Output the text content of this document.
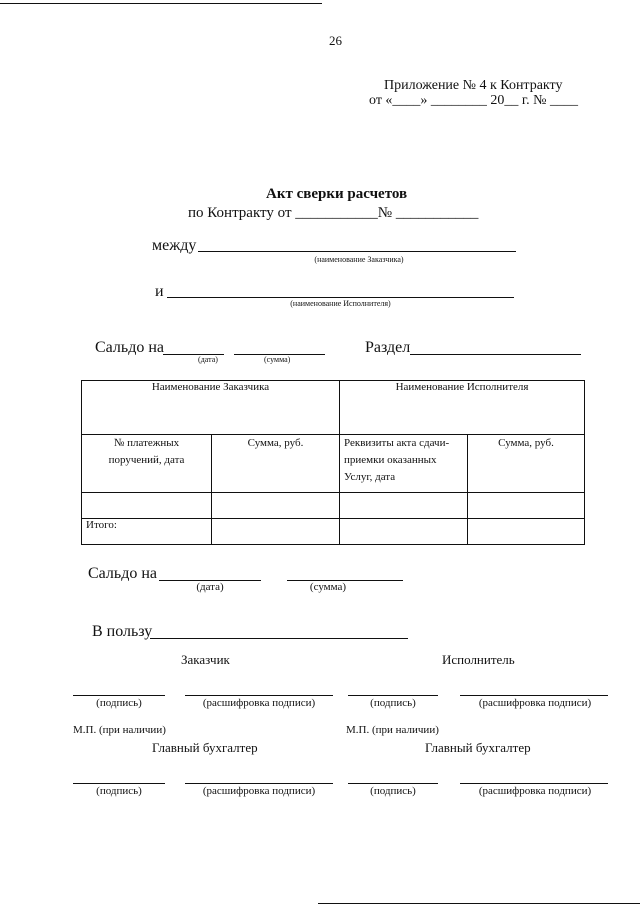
26
Приложение № 4 к Контракту
от «____» ________ 20__ г. № ____
Акт сверки расчетов
по Контракту от ___________№ ___________
между
(наименование Заказчика)
и
(наименование Исполнителя)
Сальдо на
(дата)	(сумма)
Раздел
Наименование Заказчика		Наименование Исполнителя	
№ платежных поручений, дата	Сумма, руб.	Реквизиты акта сдачи-приемки оказанных Услуг, дата	Сумма, руб.

Итого:			
Сальдо на
(дата)	(сумма)
В пользу
Заказчик	Исполнитель
(подпись)	(расшифровка подписи)	(подпись)	(расшифровка подписи)
М.П. (при наличии)	М.П. (при наличии)
Главный бухгалтер	Главный бухгалтер
(подпись)	(расшифровка подписи)	(подпись)	(расшифровка подписи)
